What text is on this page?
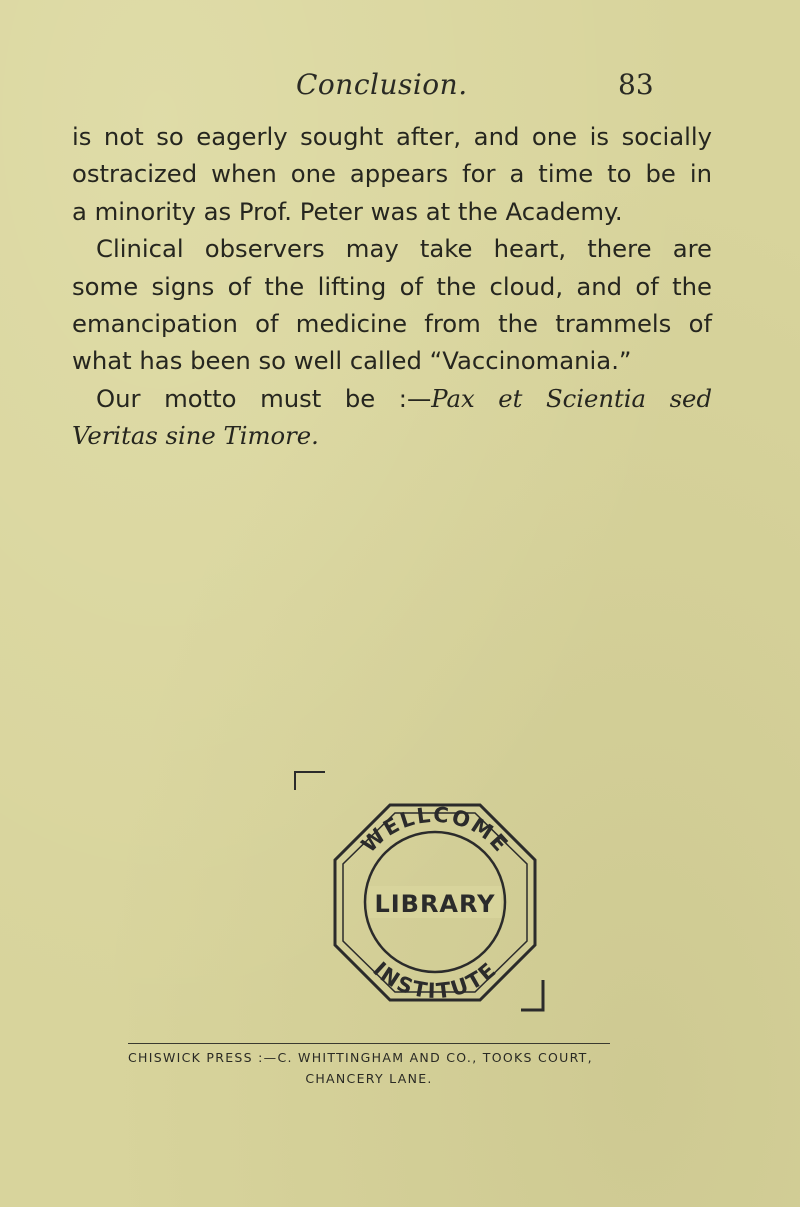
Conclusion.	83
is not so eagerly sought after, and one is socially
ostracized when one appears for a time to be in
a minority as Prof. Peter was at the Academy.
Clinical observers may take heart, there are
some signs of the lifting of the cloud, and of the
emancipation of medicine from the trammels of
what has been so well called “Vaccinomania.”
Our motto must be :—Pax et Scientia sed
Veritas sine Timore.
WELLCOME
INSTITUTE
LIBRARY
CHISWICK PRESS :—C. WHITTINGHAM AND CO., TOOKS COURT,
CHANCERY LANE.
